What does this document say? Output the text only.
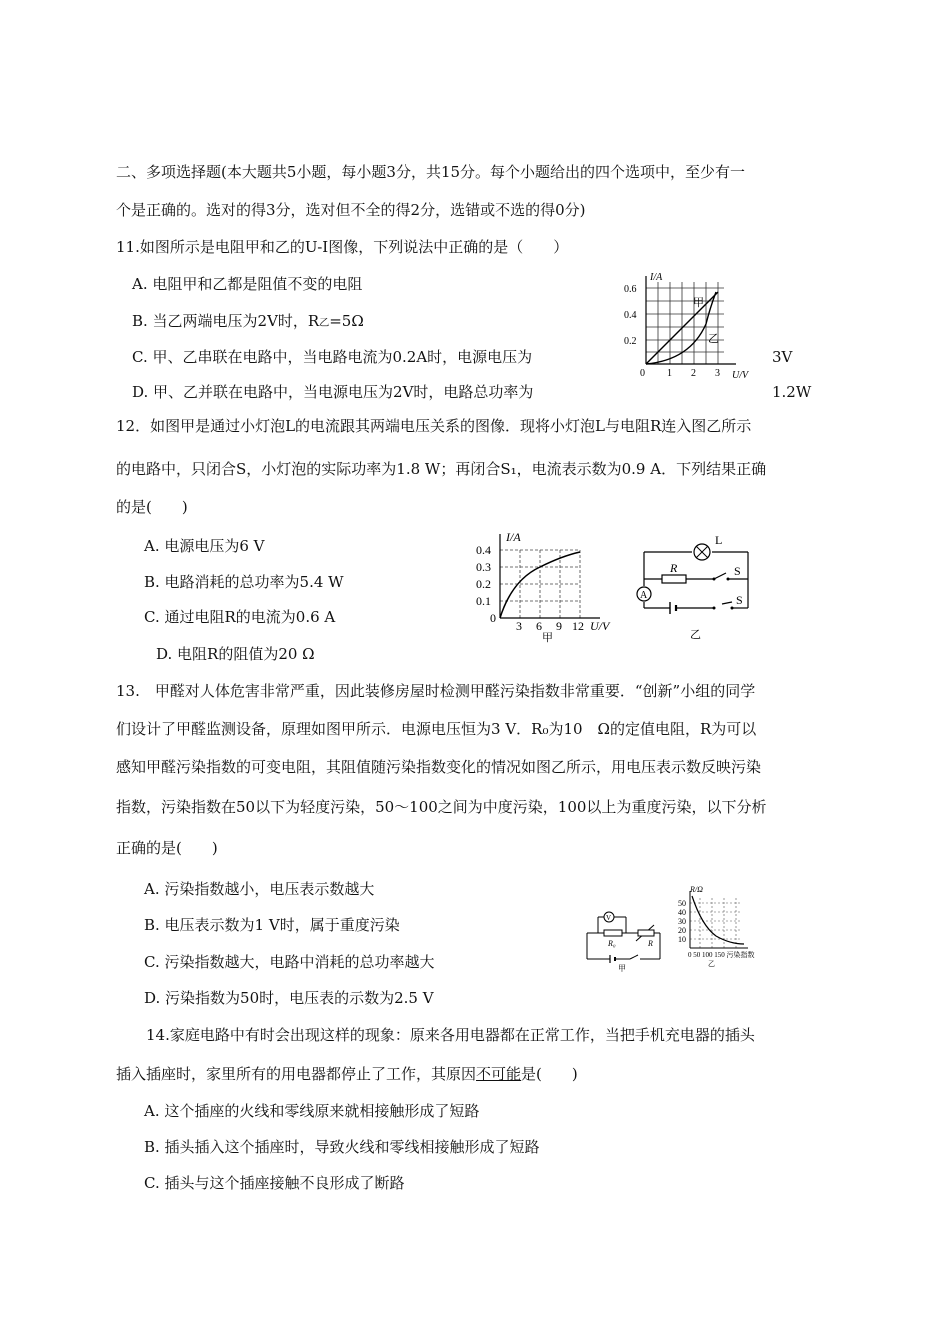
二、多项选择题(本大题共5小题，每小题3分，共15分。每个小题给出的四个选项中，至少有一
个是正确的。选对的得3分，选对但不全的得2分，选错或不选的得0分)
11.如图所示是电阻甲和乙的U-I图像，下列说法中正确的是（　　）
A. 电阻甲和乙都是阻值不变的电阻
B. 当乙两端电压为2V时，R乙=5Ω
C. 甲、乙串联在电路中，当电路电流为0.2A时，电源电压为	3V
D. 甲、乙并联在电路中，当电源电压为2V时，电路总功率为	1.2W
I/A
U/V
0.6
0.4
0.2
0 1 2 3
甲
乙
12．如图甲是通过小灯泡L的电流跟其两端电压关系的图像．现将小灯泡L与电阻R连入图乙所示
的电路中，只闭合S，小灯泡的实际功率为1.8 W；再闭合S₁，电流表示数为0.9 A．下列结果正确
的是(　　)
A. 电源电压为6 V
B. 电路消耗的总功率为5.4 W
C. 通过电阻R的电流为0.6 A
D. 电阻R的阻值为20 Ω
I/A
U/V
0.4
0.3
0.2
0.1
0
3 6 9 12
甲
L
R	S
S
A
乙
13.　甲醛对人体危害非常严重，因此装修房屋时检测甲醛污染指数非常重要．“创新”小组的同学
们设计了甲醛监测设备，原理如图甲所示．电源电压恒为3 V．R₀为10　Ω的定值电阻，R为可以
感知甲醛污染指数的可变电阻，其阻值随污染指数变化的情况如图乙所示，用电压表示数反映污染
指数，污染指数在50以下为轻度污染，50～100之间为中度污染，100以上为重度污染，以下分析
正确的是(　　)
A. 污染指数越小，电压表示数越大
B. 电压表示数为1 V时，属于重度污染
C. 污染指数越大，电路中消耗的总功率越大
D. 污染指数为50时，电压表的示数为2.5 V
V
R₀	R
甲
R/Ω
50
40
30
20
10
0 50 100 150 污染指数
乙
14.家庭电路中有时会出现这样的现象：原来各用电器都在正常工作，当把手机充电器的插头
插入插座时，家里所有的用电器都停止了工作，其原因不可能是(　　)
A. 这个插座的火线和零线原来就相接触形成了短路
B. 插头插入这个插座时，导致火线和零线相接触形成了短路
C. 插头与这个插座接触不良形成了断路
